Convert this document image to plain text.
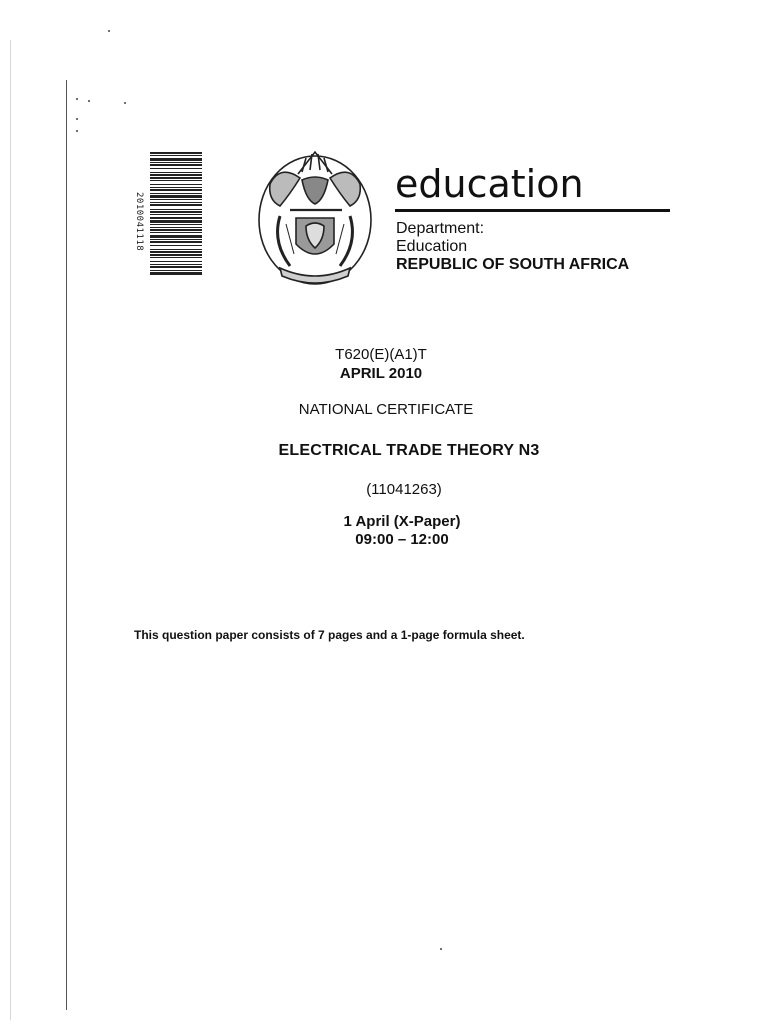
2010041118
education
Department:
Education
REPUBLIC OF SOUTH AFRICA
T620(E)(A1)T
APRIL 2010
NATIONAL CERTIFICATE
ELECTRICAL TRADE THEORY N3
(11041263)
1 April (X-Paper)
09:00 – 12:00
This question paper consists of 7 pages and a 1-page formula sheet.
